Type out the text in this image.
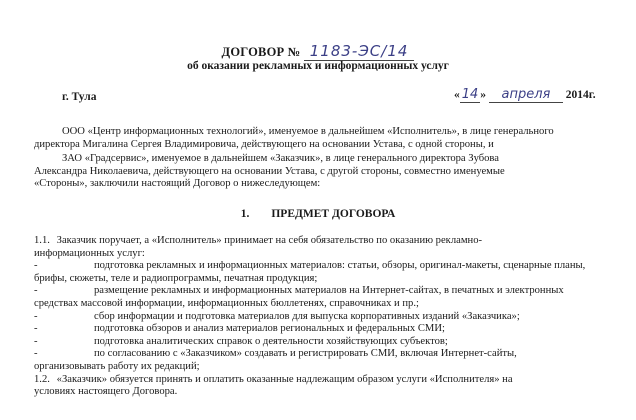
ДОГОВОР № 1183-ЭС/14
об оказании рекламных и информационных услуг
г. Тула	« 14 » апреля 2014г.
ООО «Центр информационных технологий», именуемое в дальнейшем «Исполнитель», в лице генерального
директора Мигалина Сергея Владимировича, действующего на основании Устава, с одной стороны, и
ЗАО «Градсервис», именуемое в дальнейшем «Заказчик», в лице генерального директора Зубова
Александра Николаевича, действующего на основании Устава, с другой стороны, совместно именуемые
«Стороны», заключили настоящий Договор о нижеследующем:
1. ПРЕДМЕТ ДОГОВОРА
1.1. Заказчик поручает, а «Исполнитель» принимает на себя обязательство по оказанию рекламно-
информационных услуг:
-	подготовка рекламных и информационных материалов: статьи, обзоры, оригинал-макеты, сценарные планы,
брифы, сюжеты, теле и радиопрограммы, печатная продукция;
-	размещение рекламных и информационных материалов на Интернет-сайтах, в печатных и электронных
средствах массовой информации, информационных бюллетенях, справочниках и пр.;
-	сбор информации и подготовка материалов для выпуска корпоративных изданий «Заказчика»;
-	подготовка обзоров и анализ материалов региональных и федеральных СМИ;
-	подготовка аналитических справок о деятельности хозяйствующих субъектов;
-	по согласованию с «Заказчиком» создавать и регистрировать СМИ, включая Интернет-сайты,
организовывать работу их редакций;
1.2. «Заказчик» обязуется принять и оплатить оказанные надлежащим образом услуги «Исполнителя» на
условиях настоящего Договора.
